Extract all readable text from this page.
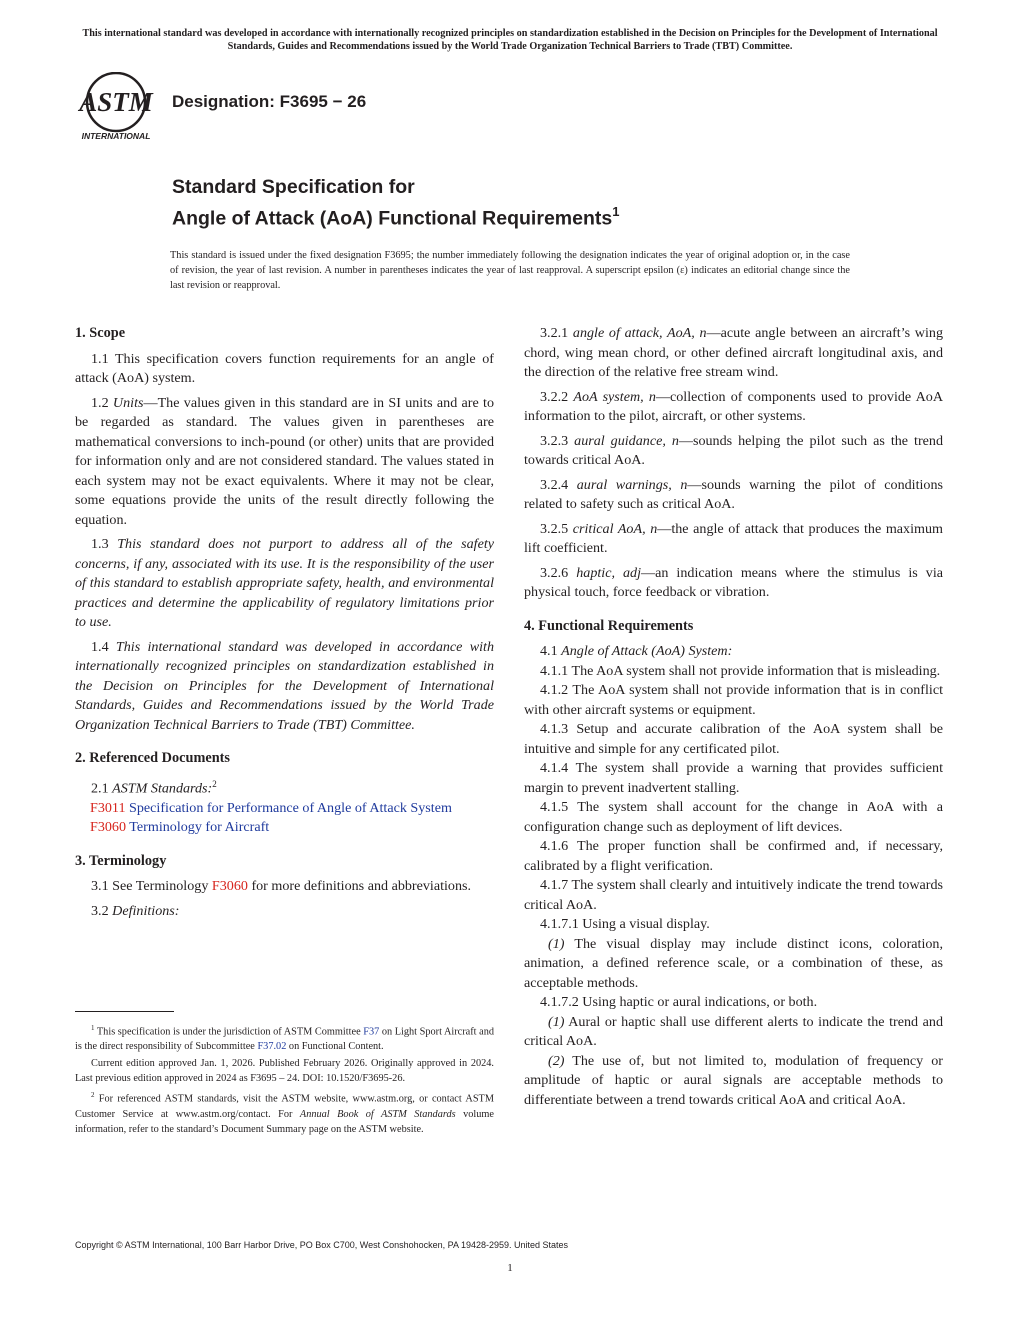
This international standard was developed in accordance with internationally recognized principles on standardization established in the Decision on Principles for the Development of International Standards, Guides and Recommendations issued by the World Trade Organization Technical Barriers to Trade (TBT) Committee.
ASTM
INTERNATIONAL
Designation: F3695 − 26
Standard Specification for
Angle of Attack (AoA) Functional Requirements$^1$
This standard is issued under the fixed designation F3695; the number immediately following the designation indicates the year of original adoption or, in the case of revision, the year of last revision. A number in parentheses indicates the year of last reapproval. A superscript epsilon (ε) indicates an editorial change since the last revision or reapproval.
1. Scope

1.1 This specification covers function requirements for an angle of attack (AoA) system.

1.2 Units—The values given in this standard are in SI units and are to be regarded as standard. The values given in parentheses are mathematical conversions to inch-pound (or other) units that are provided for information only and are not considered standard. The values stated in each system may not be exact equivalents. Where it may not be clear, some equations provide the units of the result directly following the equation.

1.3 This standard does not purport to address all of the safety concerns, if any, associated with its use. It is the responsibility of the user of this standard to establish appropriate safety, health, and environmental practices and determine the applicability of regulatory limitations prior to use.

1.4 This international standard was developed in accordance with internationally recognized principles on standardization established in the Decision on Principles for the Development of International Standards, Guides and Recommendations issued by the World Trade Organization Technical Barriers to Trade (TBT) Committee.

2. Referenced Documents

2.1 ASTM Standards:$^2$

F3011 Specification for Performance of Angle of Attack System

F3060 Terminology for Aircraft

3. Terminology

3.1 See Terminology F3060 for more definitions and abbreviations.

3.2 Definitions:

3.2.1 angle of attack, AoA, n—acute angle between an aircraft’s wing chord, wing mean chord, or other defined aircraft longitudinal axis, and the direction of the relative free stream wind.

3.2.2 AoA system, n—collection of components used to provide AoA information to the pilot, aircraft, or other systems.

3.2.3 aural guidance, n—sounds helping the pilot such as the trend towards critical AoA.

3.2.4 aural warnings, n—sounds warning the pilot of conditions related to safety such as critical AoA.

3.2.5 critical AoA, n—the angle of attack that produces the maximum lift coefficient.

3.2.6 haptic, adj—an indication means where the stimulus is via physical touch, force feedback or vibration.

4. Functional Requirements

4.1 Angle of Attack (AoA) System:

4.1.1 The AoA system shall not provide information that is misleading.

4.1.2 The AoA system shall not provide information that is in conflict with other aircraft systems or equipment.

4.1.3 Setup and accurate calibration of the AoA system shall be intuitive and simple for any certificated pilot.

4.1.4 The system shall provide a warning that provides sufficient margin to prevent inadvertent stalling.

4.1.5 The system shall account for the change in AoA with a configuration change such as deployment of lift devices.

4.1.6 The proper function shall be confirmed and, if necessary, calibrated by a flight verification.

4.1.7 The system shall clearly and intuitively indicate the trend towards critical AoA.

4.1.7.1 Using a visual display.

(1) The visual display may include distinct icons, coloration, animation, a defined reference scale, or a combination of these, as acceptable methods.

4.1.7.2 Using haptic or aural indications, or both.

(1) Aural or haptic shall use different alerts to indicate the trend and critical AoA.

(2) The use of, but not limited to, modulation of frequency or amplitude of haptic or aural signals are acceptable methods to differentiate between a trend towards critical AoA and critical AoA.

$^1$ This specification is under the jurisdiction of ASTM Committee F37 on Light Sport Aircraft and is the direct responsibility of Subcommittee F37.02 on Functional Content.

Current edition approved Jan. 1, 2026. Published February 2026. Originally approved in 2024. Last previous edition approved in 2024 as F3695 – 24. DOI: 10.1520/F3695-26.

$^2$ For referenced ASTM standards, visit the ASTM website, www.astm.org, or contact ASTM Customer Service at www.astm.org/contact. For Annual Book of ASTM Standards volume information, refer to the standard’s Document Summary page on the ASTM website.

Copyright © ASTM International, 100 Barr Harbor Drive, PO Box C700, West Conshohocken, PA 19428-2959. United States
1
